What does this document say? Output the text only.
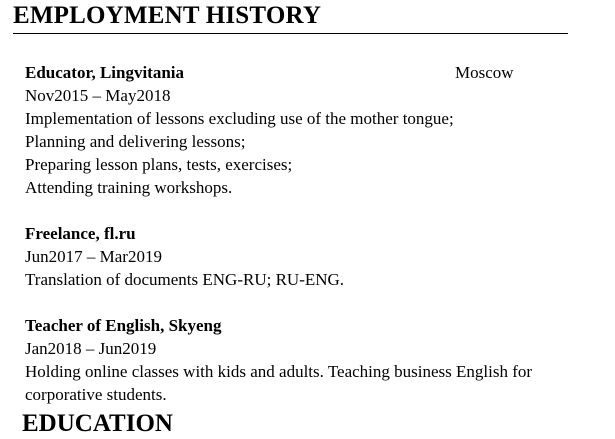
EMPLOYMENT HISTORY
Educator, Lingvitania	Moscow
Nov2015 – May2018
Implementation of lessons excluding use of the mother tongue;
Planning and delivering lessons;
Preparing lesson plans, tests, exercises;
Attending training workshops.
Freelance, fl.ru
Jun2017 – Mar2019
Translation of documents ENG-RU; RU-ENG.
Teacher of English, Skyeng
Jan2018 – Jun2019
Holding online classes with kids and adults. Teaching business English for corporative students.
EDUCATION
